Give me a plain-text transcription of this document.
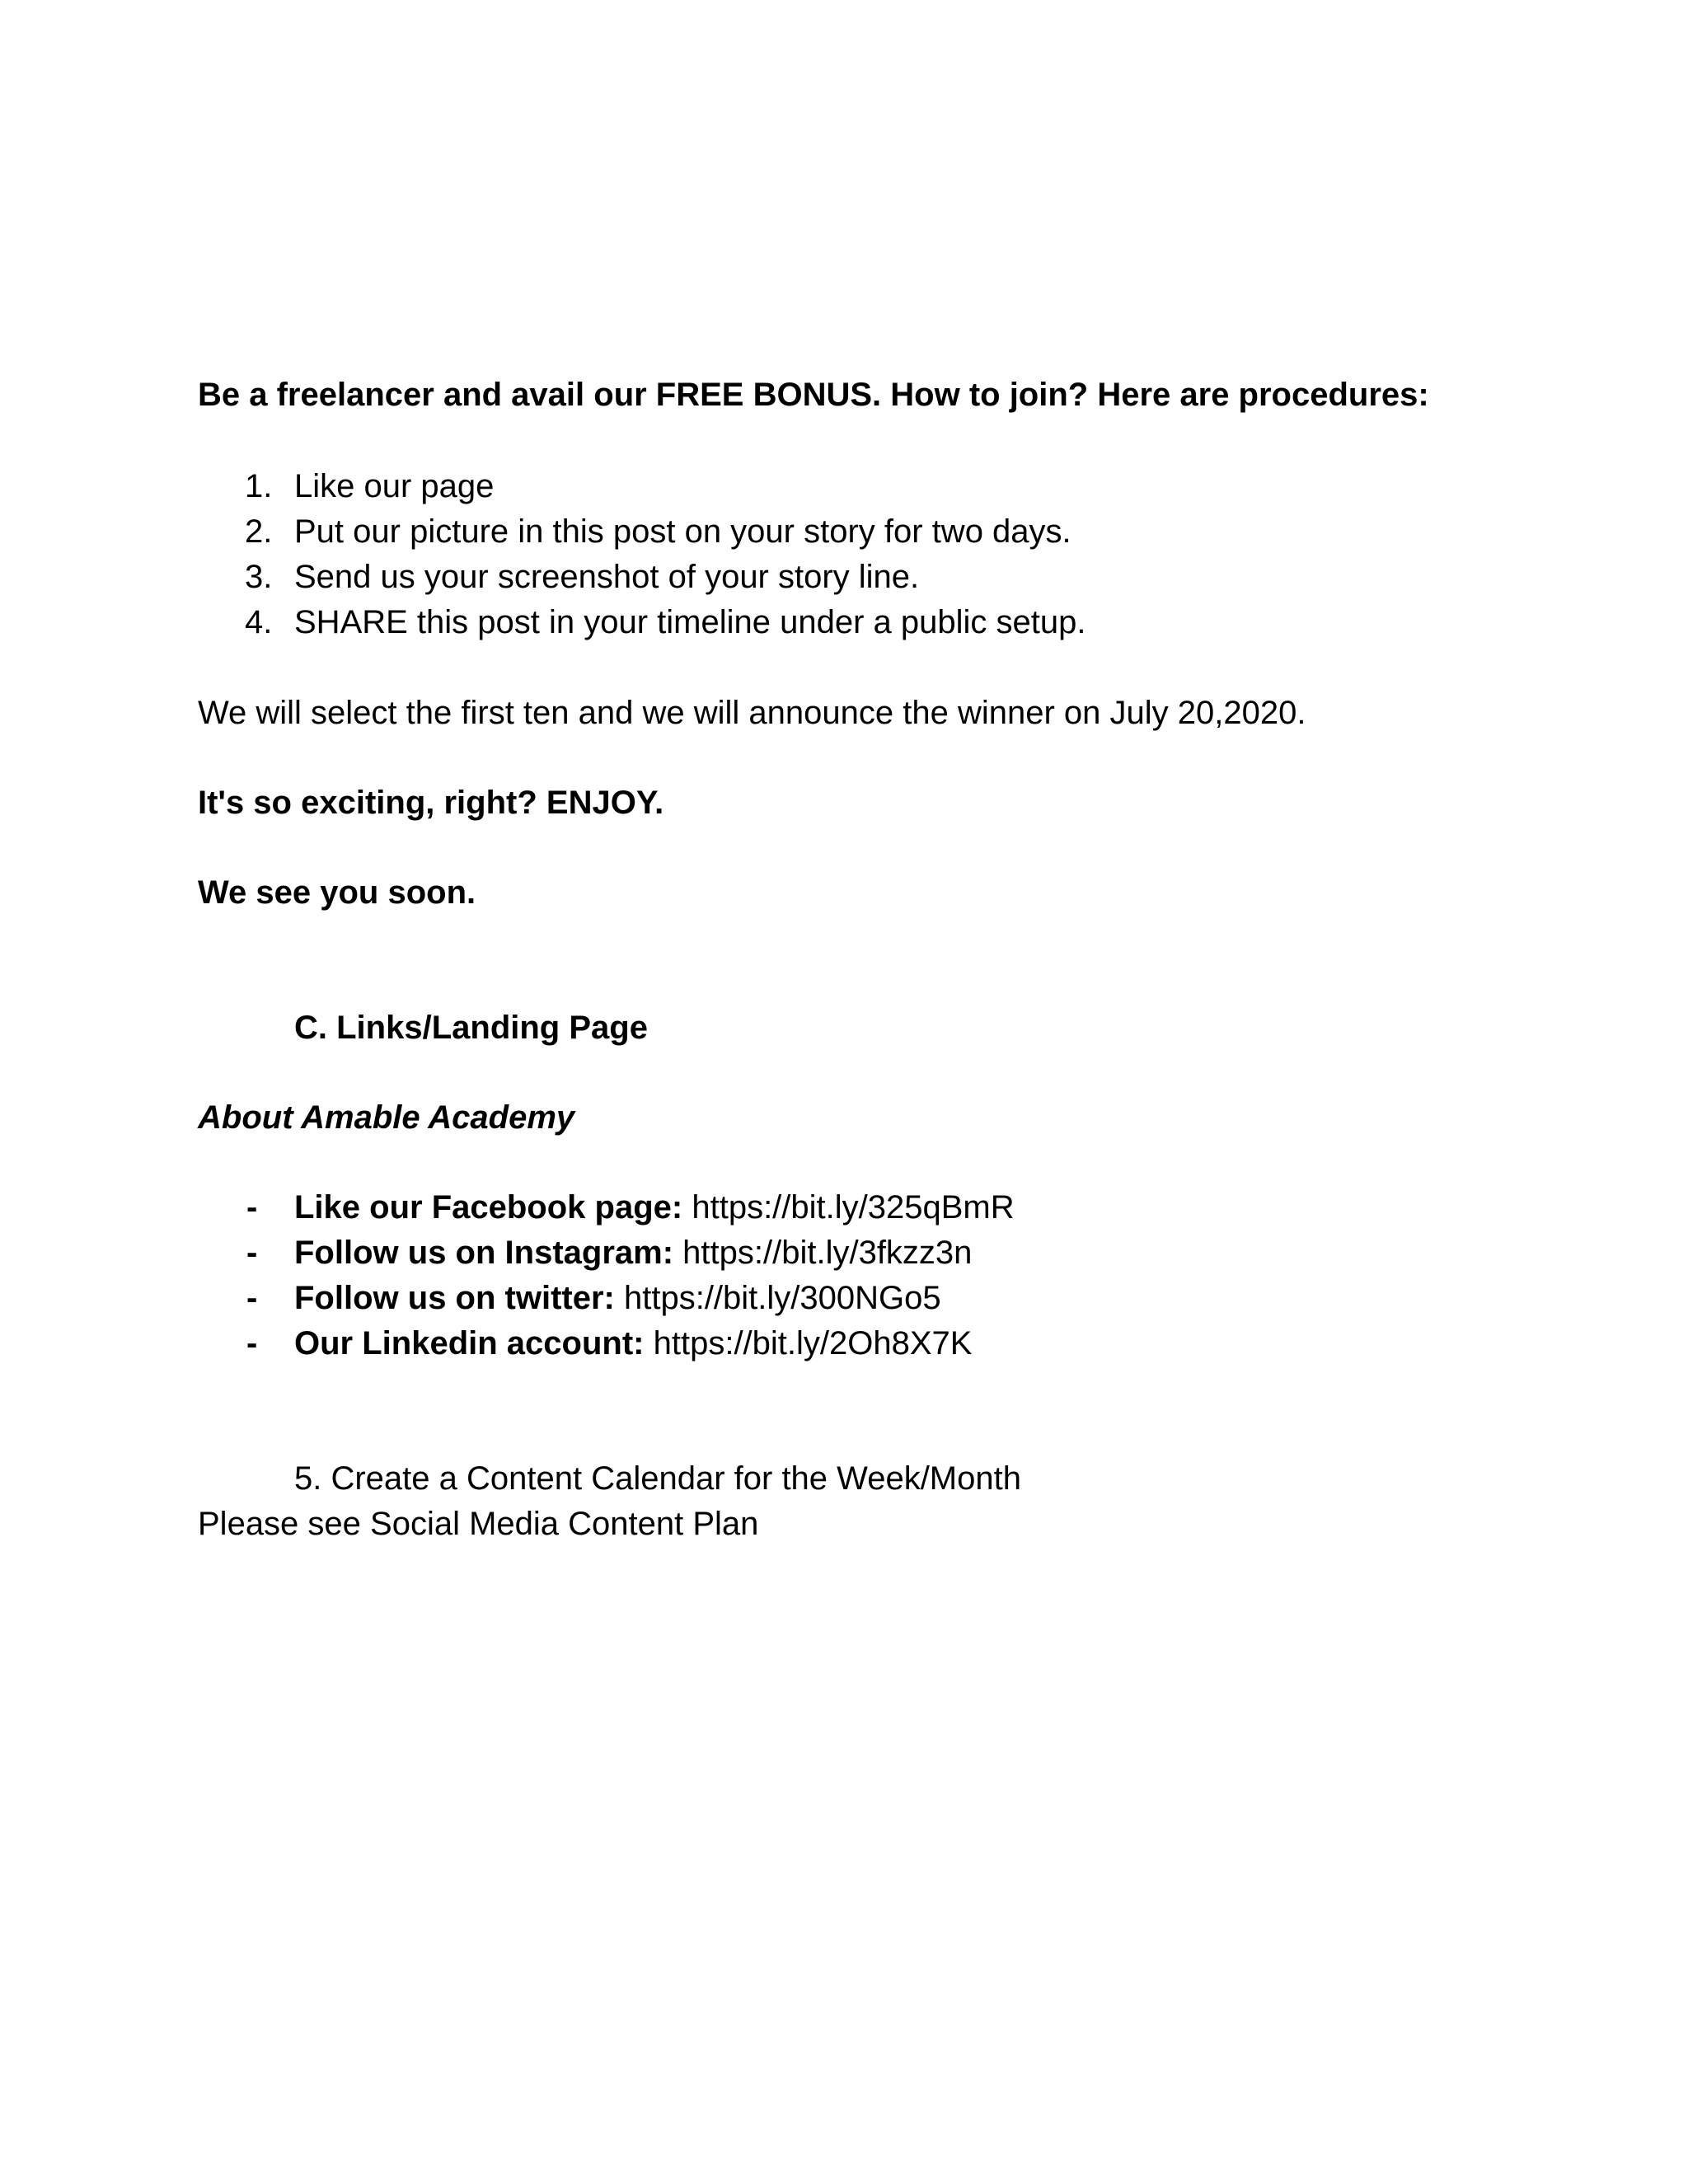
Be a freelancer and avail our FREE BONUS. How to join? Here are procedures:

1. Like our page
2. Put our picture in this post on your story for two days.
3. Send us your screenshot of your story line.
4. SHARE this post in your timeline under a public setup.

We will select the first ten and we will announce the winner on July 20,2020.

It's so exciting, right? ENJOY.

We see you soon.

C. Links/Landing Page

About Amable Academy

- Like our Facebook page: https://bit.ly/325qBmR
- Follow us on Instagram: https://bit.ly/3fkzz3n
- Follow us on twitter: https://bit.ly/300NGo5
- Our Linkedin account: https://bit.ly/2Oh8X7K

5. Create a Content Calendar for the Week/Month

Please see Social Media Content Plan
